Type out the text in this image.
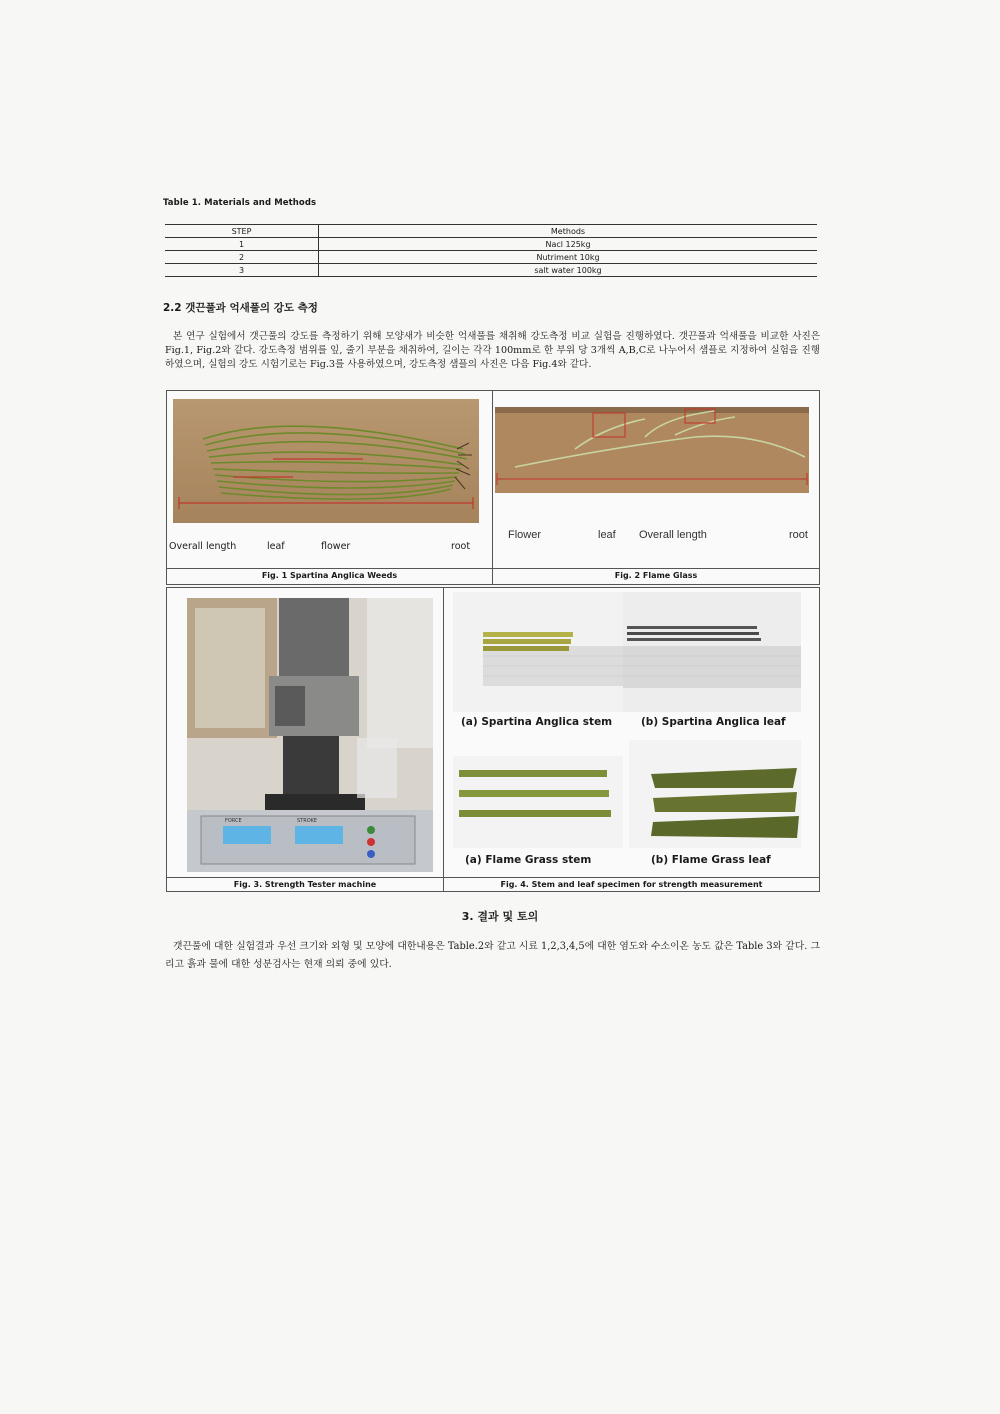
Table 1. Materials and Methods
STEP	Methods
1	Nacl 125kg
2	Nutriment 10kg
3	salt water 100kg
2.2 갯끈풀과 억새풀의 강도 측정

본 연구 실험에서 갯근풀의 강도를 측정하기 위해 모양새가 비슷한 억새풀를 채취해 강도측정 비교 실험을 진행하였다. 갯끈풀과 억새풀을 비교한 사진은 Fig.1, Fig.2와 같다. 강도측정 범위를 잎, 줄기 부분을 채취하여, 길이는 각각 100mm로 한 부위 당 3개씩 A,B,C로 나누어서 샘플로 지정하여 실험을 진행하였으며, 실험의 강도 시험기로는 Fig.3를 사용하였으며, 강도측정 샘플의 사진은 다음 Fig.4와 같다.

Overall length	leaf	flower	root
Fig. 1 Spartina Anglica Weeds
Flower	leaf Overall length	root
Fig. 2 Flame Glass
FORCE	STROKE
Fig. 3. Strength Tester machine
(a) Spartina Anglica stem	(b) Spartina Anglica leaf
(a) Flame Grass stem	(b) Flame Grass leaf
Fig. 4. Stem and leaf specimen for strength measurement
3. 결과 및 토의

갯끈풀에 대한 실험결과 우선 크기와 외형 및 모양에 대한내용은 Table.2와 같고 시료 1,2,3,4,5에 대한 염도와 수소이온 농도 값은 Table 3와 같다. 그리고 흙과 물에 대한 성분검사는 현재 의뢰 중에 있다.
